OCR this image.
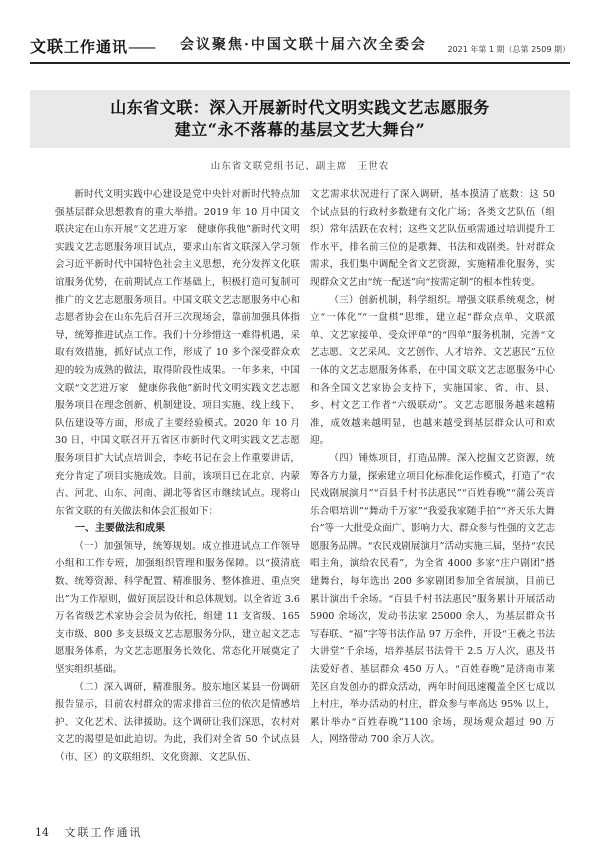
文联工作通讯—— 会议聚焦·中国文联十届六次全委会	2021 年第 1 期（总第 2509 期）
山东省文联：深入开展新时代文明实践文艺志愿服务
建立“永不落幕的基层文艺大舞台”
山东省文联党组书记、副主席　王世农

新时代文明实践中心建设是党中央针对新时代特点加强基层群众思想教育的重大举措。2019 年 10 月中国文联决定在山东开展“文艺进万家　健康你我他”新时代文明实践文艺志愿服务项目试点，要求山东省文联深入学习领会习近平新时代中国特色社会主义思想，充分发挥文化联谊服务优势，在前期试点工作基础上，积极打造可复制可推广的文艺志愿服务项目。中国文联文艺志愿服务中心和志愿者协会在山东先后召开三次现场会，靠前加强具体指导，统筹推进试点工作。我们十分珍惜这一难得机遇，采取有效措施，抓好试点工作，形成了 10 多个深受群众欢迎的较为成熟的做法，取得阶段性成果。一年多来，中国文联“文艺进万家　健康你我他”新时代文明实践文艺志愿服务项目在理念创新、机制建设、项目实施、线上线下、队伍建设等方面，形成了主要经验模式。2020 年 10 月 30 日，中国文联召开五省区市新时代文明实践文艺志愿服务项目扩大试点培训会，李屹书记在会上作重要讲话，充分肯定了项目实施成效。目前，该项目已在北京、内蒙古、河北、山东、河南、湖北等省区市继续试点。现将山东省文联的有关做法和体会汇报如下：

一、主要做法和成果

（一）加强领导，统筹规划。成立推进试点工作领导小组和工作专班，加强组织管理和服务保障。以“摸清底数、统筹资源、科学配置、精准服务、整体推进、重点突出”为工作原则，做好顶层设计和总体规划。以全省近 3.6 万名省级艺术家协会会员为依托，组建 11 支省级、165 支市级、800 多支县级文艺志愿服务分队，建立起文艺志愿服务体系，为文艺志愿服务长效化、常态化开展奠定了坚实组织基础。

（二）深入调研，精准服务。胶东地区某县一份调研报告显示，目前农村群众的需求排首三位的依次是情感培护、文化艺术、法律援助。这个调研让我们深思，农村对文艺的渴望是如此迫切。为此，我们对全省 50 个试点县（市、区）的文联组织、文化资源、文艺队伍、

文艺需求状况进行了深入调研，基本摸清了底数：这 50 个试点县的行政村多数建有文化广场；各类文艺队伍（组织）常年活跃在农村；这些文艺队伍亟需通过培训提升工作水平，排名前三位的是歌舞、书法和戏剧类。针对群众需求，我们集中调配全省文艺资源，实施精准化服务，实现群众文艺由“统一配送”向“按需定制”的根本性转变。

（三）创新机制，科学组织。增强文联系统观念，树立“一体化”“一盘棋”思维，建立起“群众点单、文联派单、文艺家接单、受众评单”的“四单”服务机制，完善“文艺志愿、文艺采风、文艺创作、人才培养、文艺惠民”五位一体的文艺志愿服务体系，在中国文联文艺志愿服务中心和各全国文艺家协会支持下，实施国家、省、市、县、乡、村文艺工作者“六级联动”。文艺志愿服务越来越精准，成效越来越明显，也越来越受到基层群众认可和欢迎。

（四）锤炼项目，打造品牌。深入挖掘文艺资源，统筹各方力量，探索建立项目化标准化运作模式，打造了“农民戏剧展演月”“百县千村书法惠民”“百姓春晚”“蒲公英音乐合唱培训”“舞动千万家”“我爱我家随手拍”“齐天乐大舞台”等一大批受众面广、影响力大、群众参与性强的文艺志愿服务品牌。“农民戏剧展演月”活动实施三届，坚持“农民唱主角，演给农民看”，为全省 4000 多家“庄户剧团”搭建舞台，每年选出 200 多家剧团参加全省展演，目前已累计演出千余场。“百县千村书法惠民”服务累计开展活动 5900 余场次，发动书法家 25000 余人，为基层群众书写春联、“福”字等书法作品 97 万余件，开设“王羲之书法大讲堂”千余场，培养基层书法骨干 2.5 万人次，惠及书法爱好者、基层群众 450 万人。“百姓春晚”是济南市莱芜区自发创办的群众活动，两年时间迅速覆盖全区七成以上村庄，举办活动的村庄，群众参与率高达 95% 以上，累计举办“百姓春晚”1100 余场，现场观众超过 90 万人，网络带动 700 余万人次。

14 文联工作通讯
